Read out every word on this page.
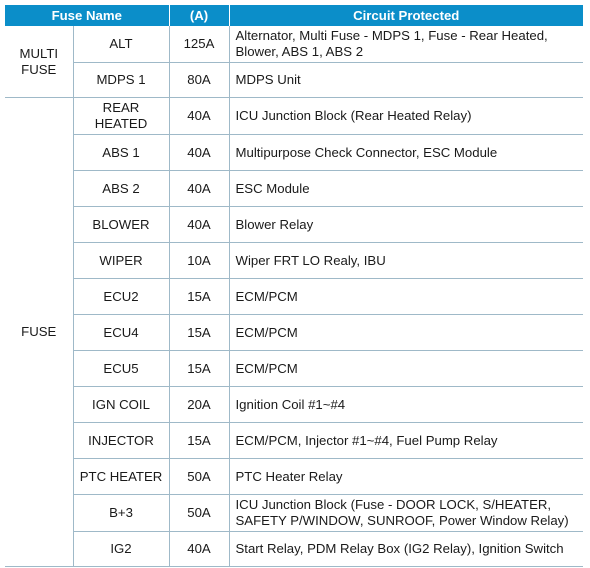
Fuse Name		(A)	Circuit Protected
MULTI FUSE	ALT	125A	Alternator, Multi Fuse - MDPS 1, Fuse - Rear Heated, Blower, ABS 1, ABS 2
	MDPS 1	80A	MDPS Unit
FUSE	REAR HEATED	40A	ICU Junction Block (Rear Heated Relay)
	ABS 1	40A	Multipurpose Check Connector, ESC Module
	ABS 2	40A	ESC Module
	BLOWER	40A	Blower Relay
	WIPER	10A	Wiper FRT LO Realy, IBU
	ECU2	15A	ECM/PCM
	ECU4	15A	ECM/PCM
	ECU5	15A	ECM/PCM
	IGN COIL	20A	Ignition Coil #1~#4
	INJECTOR	15A	ECM/PCM, Injector #1~#4, Fuel Pump Relay
	PTC HEATER	50A	PTC Heater Relay
	B+3	50A	ICU Junction Block (Fuse - DOOR LOCK, S/HEATER, SAFETY P/WINDOW, SUNROOF, Power Window Relay)
	IG2	40A	Start Relay, PDM Relay Box (IG2 Relay), Ignition Switch
